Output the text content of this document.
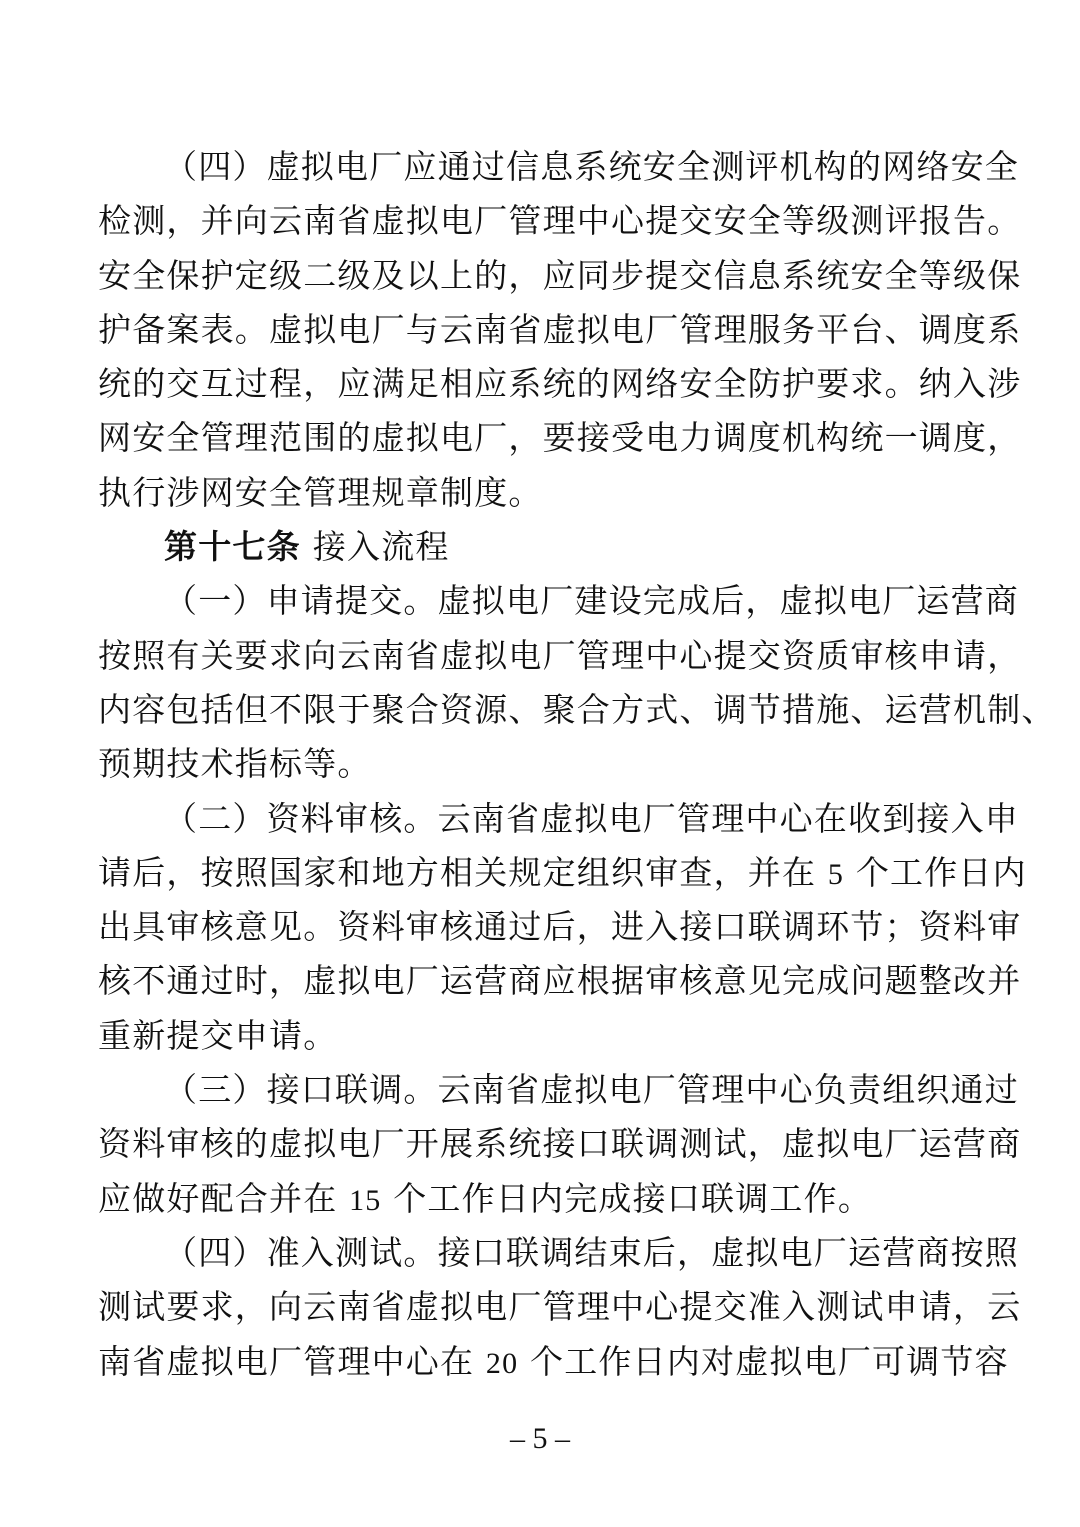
（四）虚拟电厂应通过信息系统安全测评机构的网络安全
检测，并向云南省虚拟电厂管理中心提交安全等级测评报告。
安全保护定级二级及以上的，应同步提交信息系统安全等级保
护备案表。虚拟电厂与云南省虚拟电厂管理服务平台、调度系
统的交互过程，应满足相应系统的网络安全防护要求。纳入涉
网安全管理范围的虚拟电厂，要接受电力调度机构统一调度，
执行涉网安全管理规章制度。
第十七条 接入流程
（一）申请提交。虚拟电厂建设完成后，虚拟电厂运营商
按照有关要求向云南省虚拟电厂管理中心提交资质审核申请，
内容包括但不限于聚合资源、聚合方式、调节措施、运营机制、
预期技术指标等。
（二）资料审核。云南省虚拟电厂管理中心在收到接入申
请后，按照国家和地方相关规定组织审查，并在 5 个工作日内
出具审核意见。资料审核通过后，进入接口联调环节；资料审
核不通过时，虚拟电厂运营商应根据审核意见完成问题整改并
重新提交申请。
（三）接口联调。云南省虚拟电厂管理中心负责组织通过
资料审核的虚拟电厂开展系统接口联调测试，虚拟电厂运营商
应做好配合并在 15 个工作日内完成接口联调工作。
（四）准入测试。接口联调结束后，虚拟电厂运营商按照
测试要求，向云南省虚拟电厂管理中心提交准入测试申请，云
南省虚拟电厂管理中心在 20 个工作日内对虚拟电厂可调节容
– 5 –
